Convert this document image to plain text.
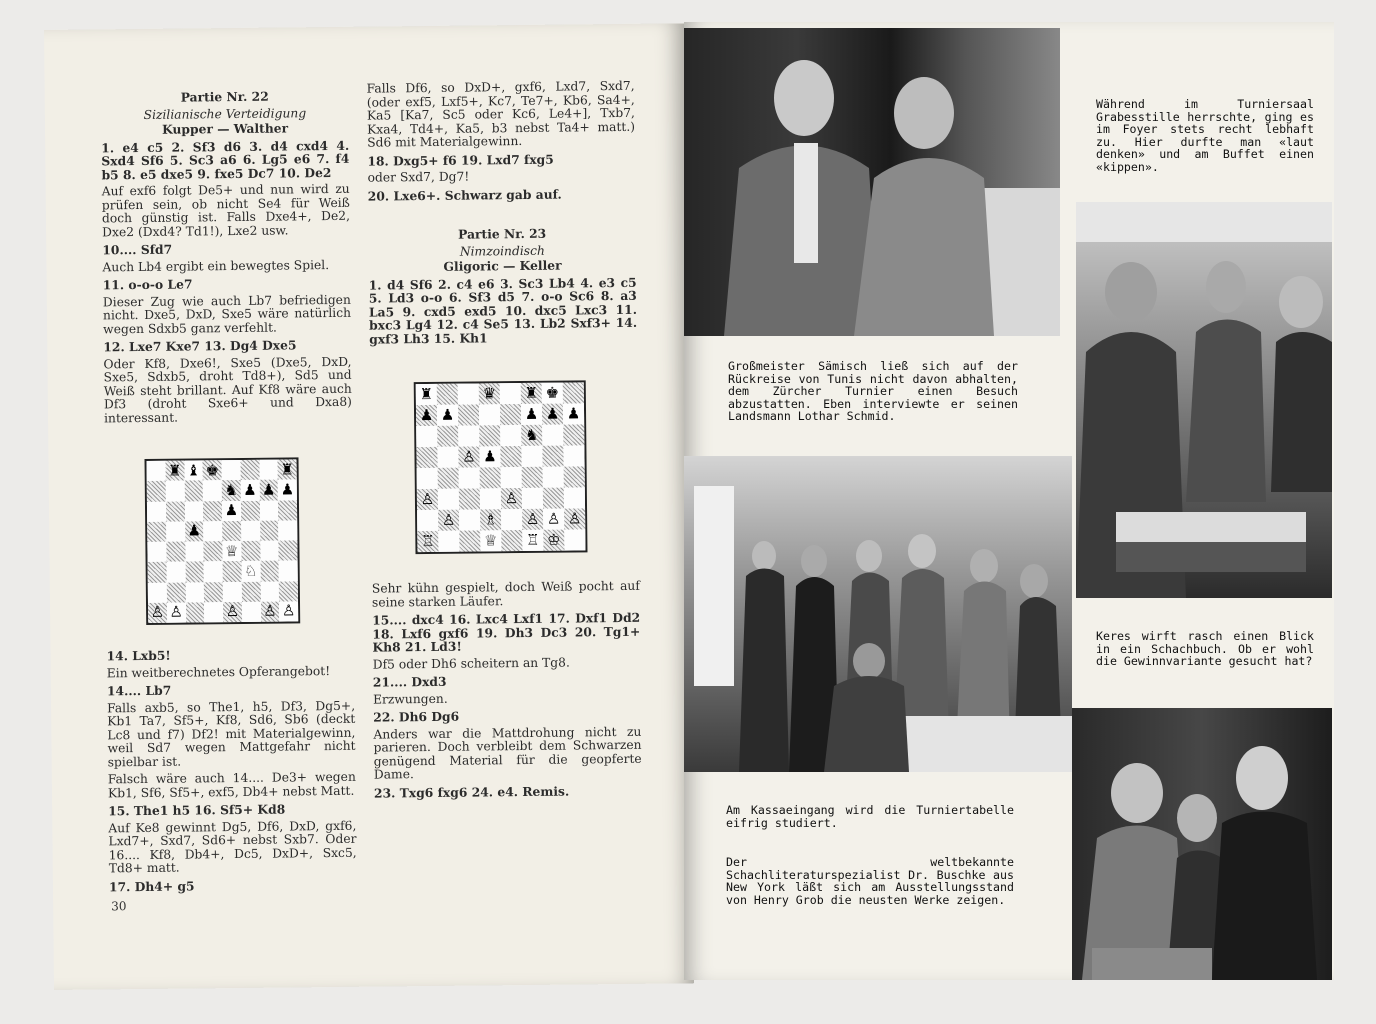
Partie Nr. 22

Sizilianische Verteidigung

Kupper — Walther

1. e4 c5 2. Sf3 d6 3. d4 cxd4 4. Sxd4 Sf6 5. Sc3 a6 6. Lg5 e6 7. f4 b5 8. e5 dxe5 9. fxe5 Dc7 10. De2

Auf exf6 folgt De5+ und nun wird zu prüfen sein, ob nicht Se4 für Weiß doch günstig ist. Falls Dxe4+, De2, Dxe2 (Dxd4? Td1!), Lxe2 usw.

10.... Sfd7

Auch Lb4 ergibt ein bewegtes Spiel.

11. o-o-o Le7

Dieser Zug wie auch Lb7 befriedigen nicht. Dxe5, DxD, Sxe5 wäre natürlich wegen Sdxb5 ganz verfehlt.

12. Lxe7 Kxe7 13. Dg4 Dxe5

Oder Kf8, Dxe6!, Sxe5 (Dxe5, DxD, Sxe5, Sdxb5, droht Td8+), Sd5 und Weiß steht brillant. Auf Kf8 wäre auch Df3 (droht Sxe6+ und Dxa8) interessant.

♜ ♝ ♚	♜
♞ ♟ ♟ ♟
♟
♟
♕
♘
♙ ♙	♙ ♙ ♙

14. Lxb5!

Ein weitberechnetes Opferangebot!

14.... Lb7

Falls axb5, so The1, h5, Df3, Dg5+, Kb1 Ta7, Sf5+, Kf8, Sd6, Sb6 (deckt Lc8 und f7) Df2! mit Materialgewinn, weil Sd7 wegen Mattgefahr nicht spielbar ist.

Falsch wäre auch 14.... De3+ wegen Kb1, Sf6, Sf5+, exf5, Db4+ nebst Matt.

15. The1 h5 16. Sf5+ Kd8

Auf Ke8 gewinnt Dg5, Df6, DxD, gxf6, Lxd7+, Sxd7, Sd6+ nebst Sxb7. Oder 16.... Kf8, Db4+, Dc5, DxD+, Sxc5, Td8+ matt.

17. Dh4+ g5

30

Falls Df6, so DxD+, gxf6, Lxd7, Sxd7, (oder exf5, Lxf5+, Kc7, Te7+, Kb6, Sa4+, Ka5 [Ka7, Sc5 oder Kc6, Le4+], Txb7, Kxa4, Td4+, Ka5, b3 nebst Ta4+ matt.) Sd6 mit Materialgewinn.

18. Dxg5+ f6 19. Lxd7 fxg5

oder Sxd7, Dg7!

20. Lxe6+. Schwarz gab auf.

Partie Nr. 23

Nimzoindisch

Gligoric — Keller

1. d4 Sf6 2. c4 e6 3. Sc3 Lb4 4. e3 c5 5. Ld3 o-o 6. Sf3 d5 7. o-o Sc6 8. a3 La5 9. cxd5 exd5 10. dxc5 Lxc3 11. bxc3 Lg4 12. c4 Se5 13. Lb2 Sxf3+ 14. gxf3 Lh3 15. Kh1

♜	♛ ♜ ♚
♟ ♟	♟ ♟ ♟
♞
♙ ♟
♙	♙
♙ ♗ ♙ ♙ ♙
♖	♕ ♖ ♔

Sehr kühn gespielt, doch Weiß pocht auf seine starken Läufer.

15.... dxc4 16. Lxc4 Lxf1 17. Dxf1 Dd2 18. Lxf6 gxf6 19. Dh3 Dc3 20. Tg1+ Kh8 21. Ld3!

Df5 oder Dh6 scheitern an Tg8.

21.... Dxd3

Erzwungen.

22. Dh6 Dg6

Anders war die Mattdrohung nicht zu parieren. Doch verbleibt dem Schwarzen genügend Material für die geopferte Dame.

23. Txg6 fxg6 24. e4. Remis.

Während im Turniersaal Grabesstille herrschte, ging es im Foyer stets recht lebhaft zu. Hier durfte man «laut denken» und am Buffet einen «kippen».
Großmeister Sämisch ließ sich auf der Rückreise von Tunis nicht davon abhalten, dem Zürcher Turnier einen Besuch abzustatten. Eben interviewte er seinen Landsmann Lothar Schmid.
Keres wirft rasch einen Blick in ein Schachbuch. Ob er wohl die Gewinnvariante gesucht hat?
Am Kassaeingang wird die Turniertabelle eifrig studiert.
Der weltbekannte Schachliteraturspezialist Dr. Buschke aus New York läßt sich am Ausstellungsstand von Henry Grob die neusten Werke zeigen.
